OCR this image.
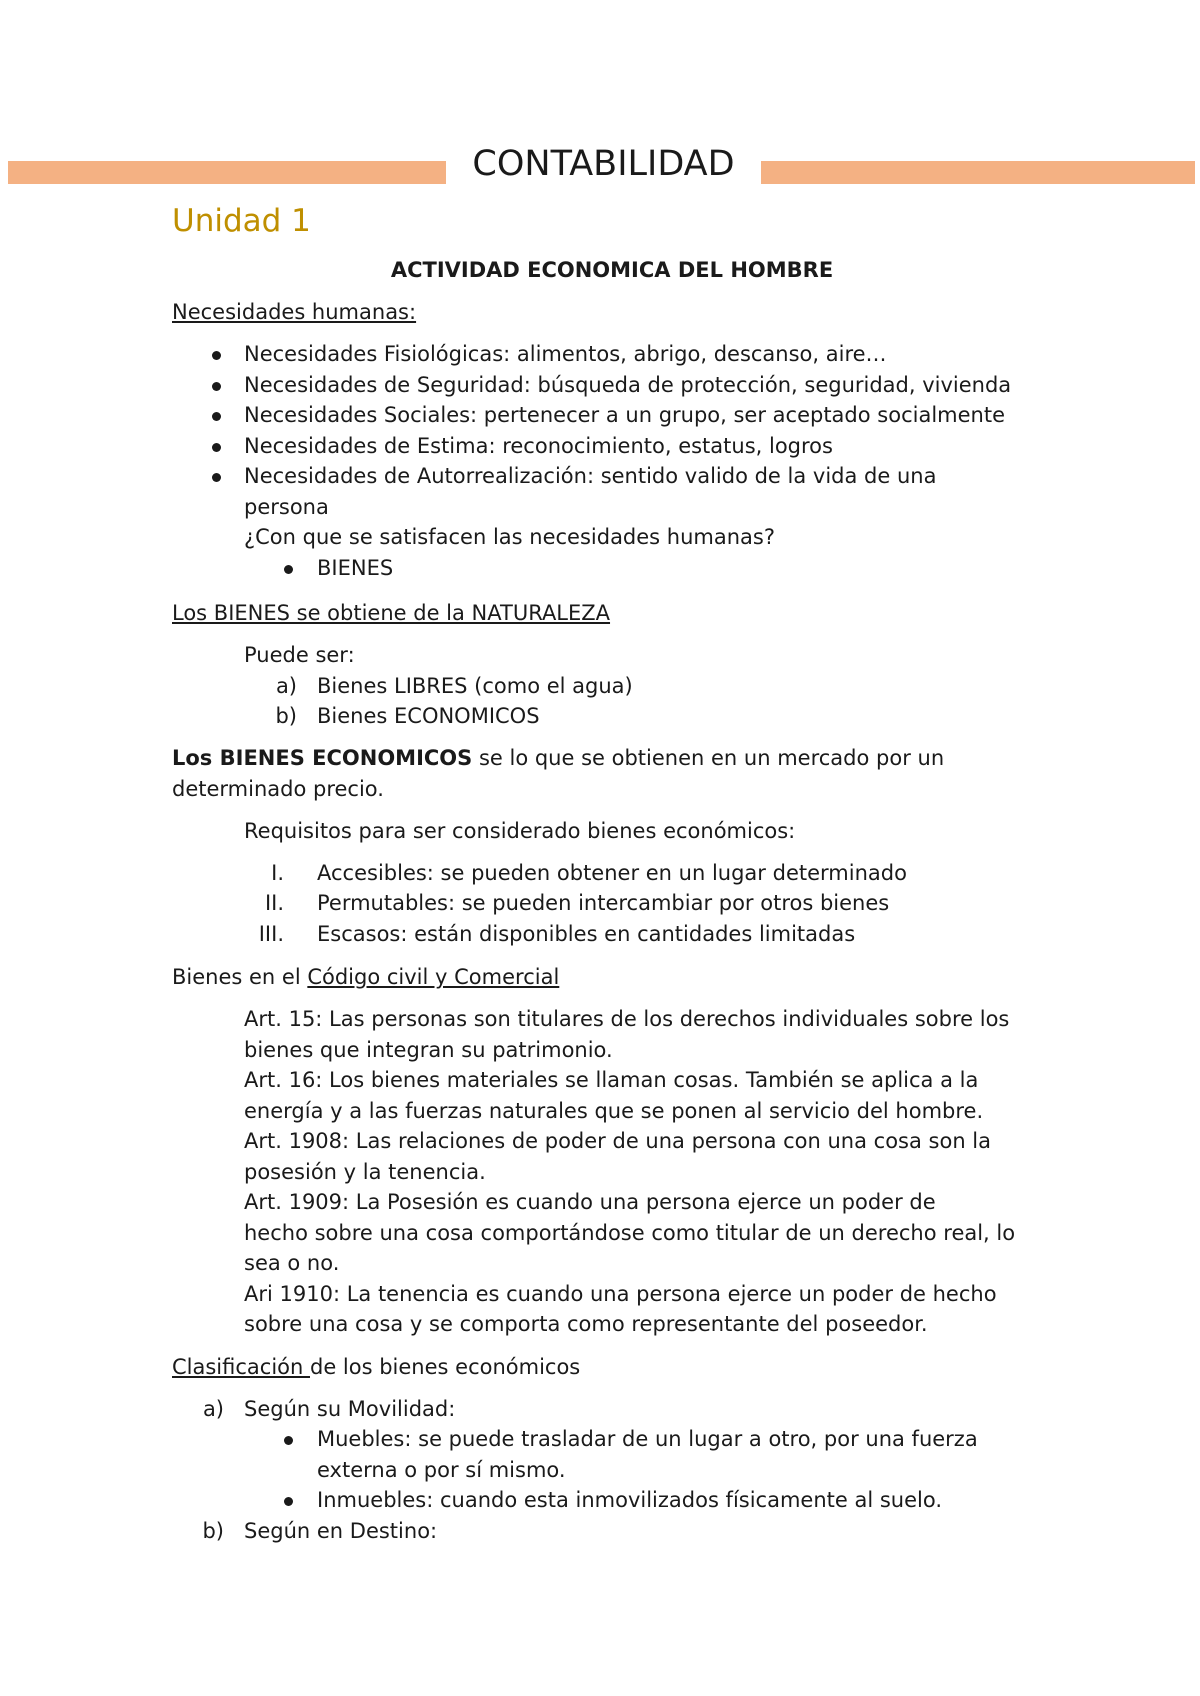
CONTABILIDAD
Unidad 1
ACTIVIDAD ECONOMICA DEL HOMBRE
Necesidades humanas:
Necesidades Fisiológicas: alimentos, abrigo, descanso, aire…
Necesidades de Seguridad: búsqueda de protección, seguridad, vivienda
Necesidades Sociales: pertenecer a un grupo, ser aceptado socialmente
Necesidades de Estima: reconocimiento, estatus, logros
Necesidades de Autorrealización: sentido valido de la vida de una
persona
¿Con que se satisfacen las necesidades humanas?
BIENES
Los BIENES se obtiene de la NATURALEZA
Puede ser:
a) Bienes LIBRES (como el agua)
b) Bienes ECONOMICOS
Los BIENES ECONOMICOS se lo que se obtienen en un mercado por un
determinado precio.
Requisitos para ser considerado bienes económicos:
I. Accesibles: se pueden obtener en un lugar determinado
II. Permutables: se pueden intercambiar por otros bienes
III. Escasos: están disponibles en cantidades limitadas
Bienes en el Código civil y Comercial
Art. 15: Las personas son titulares de los derechos individuales sobre los
bienes que integran su patrimonio.
Art. 16: Los bienes materiales se llaman cosas. También se aplica a la
energía y a las fuerzas naturales que se ponen al servicio del hombre.
Art. 1908: Las relaciones de poder de una persona con una cosa son la
posesión y la tenencia.
Art. 1909: La Posesión es cuando una persona ejerce un poder de
hecho sobre una cosa comportándose como titular de un derecho real, lo
sea o no.
Ari 1910: La tenencia es cuando una persona ejerce un poder de hecho
sobre una cosa y se comporta como representante del poseedor.
Clasificación de los bienes económicos
a) Según su Movilidad:
Muebles: se puede trasladar de un lugar a otro, por una fuerza
externa o por sí mismo.
Inmuebles: cuando esta inmovilizados físicamente al suelo.
b) Según en Destino:
